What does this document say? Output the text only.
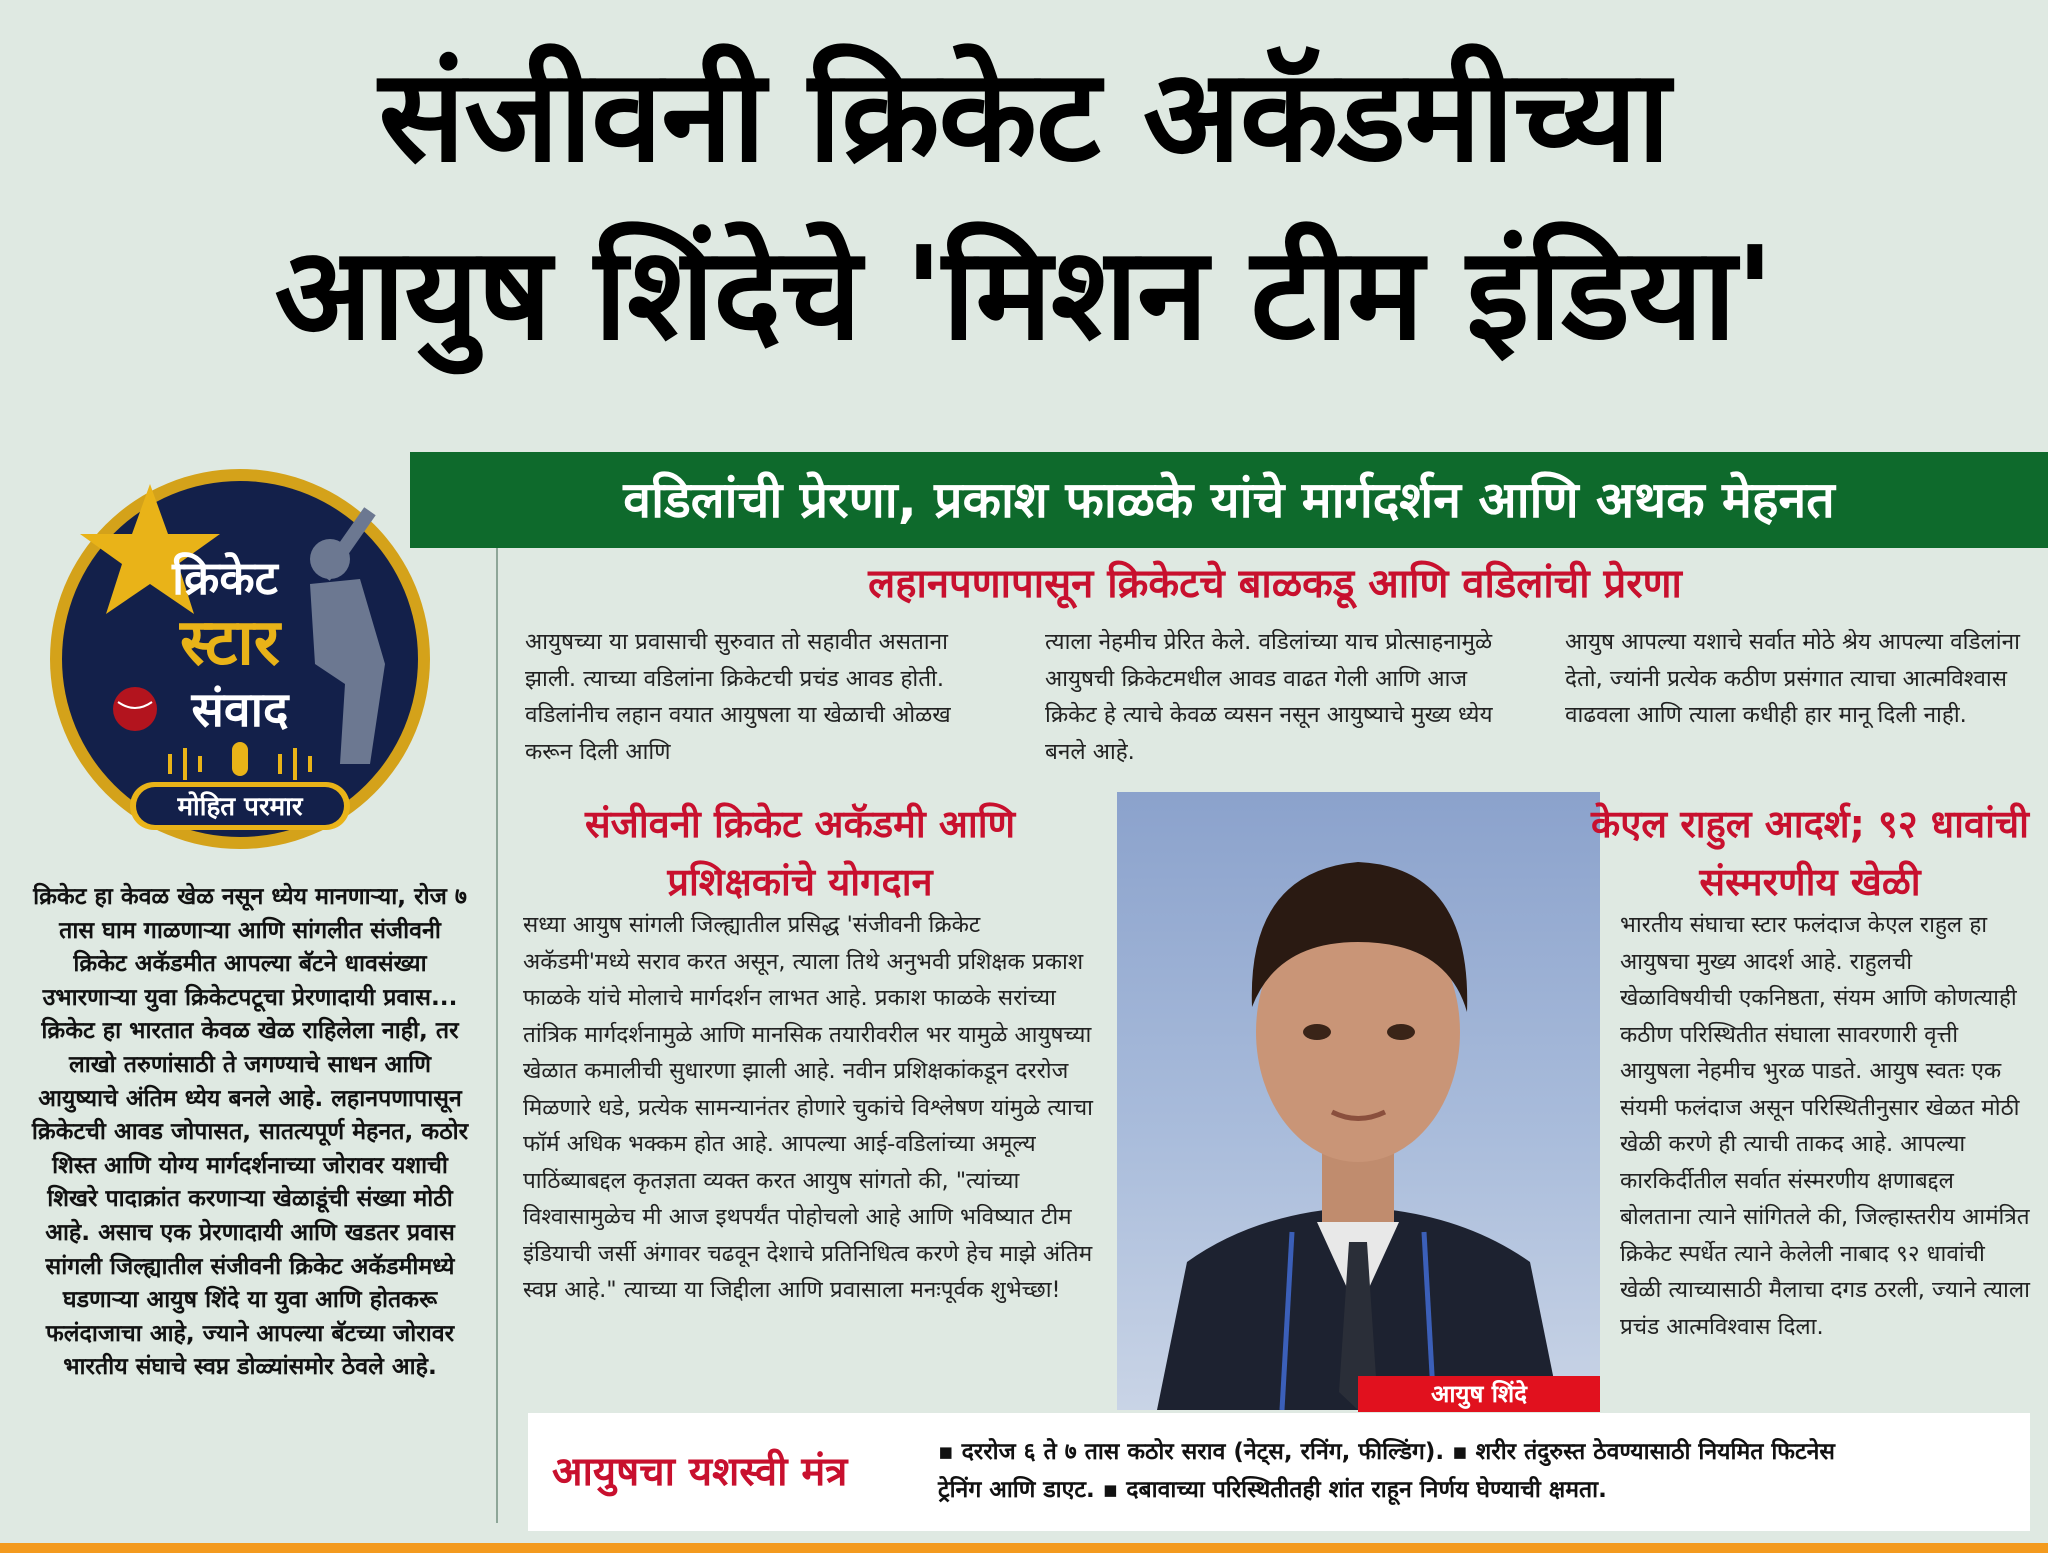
संजीवनी क्रिकेट अकॅडमीच्या
आयुष शिंदेचे 'मिशन टीम इंडिया'
वडिलांची प्रेरणा, प्रकाश फाळके यांचे मार्गदर्शन आणि अथक मेहनत
क्रिकेट
स्टार
संवाद
मोहित परमार
क्रिकेट हा केवळ खेळ नसून ध्येय मानणाऱ्या, रोज ७ तास घाम गाळणाऱ्या आणि सांगलीत संजीवनी क्रिकेट अकॅडमीत आपल्या बॅटने धावसंख्या उभारणाऱ्या युवा क्रिकेटपटूचा प्रेरणादायी प्रवास... क्रिकेट हा भारतात केवळ खेळ राहिलेला नाही, तर लाखो तरुणांसाठी ते जगण्याचे साधन आणि आयुष्याचे अंतिम ध्येय बनले आहे. लहानपणापासून क्रिकेटची आवड जोपासत, सातत्यपूर्ण मेहनत, कठोर शिस्त आणि योग्य मार्गदर्शनाच्या जोरावर यशाची शिखरे पादाक्रांत करणाऱ्या खेळाडूंची संख्या मोठी आहे. असाच एक प्रेरणादायी आणि खडतर प्रवास सांगली जिल्ह्यातील संजीवनी क्रिकेट अकॅडमीमध्ये घडणाऱ्या आयुष शिंदे या युवा आणि होतकरू फलंदाजाचा आहे, ज्याने आपल्या बॅटच्या जोरावर भारतीय संघाचे स्वप्न डोळ्यांसमोर ठेवले आहे.
लहानपणापासून क्रिकेटचे बाळकडू आणि वडिलांची प्रेरणा
आयुषच्या या प्रवासाची सुरुवात तो सहावीत असताना झाली. त्याच्या वडिलांना क्रिकेटची प्रचंड आवड होती. वडिलांनीच लहान वयात आयुषला या खेळाची ओळख करून दिली आणि
त्याला नेहमीच प्रेरित केले. वडिलांच्या याच प्रोत्साहनामुळे आयुषची क्रिकेटमधील आवड वाढत गेली आणि आज क्रिकेट हे त्याचे केवळ व्यसन नसून आयुष्याचे मुख्य ध्येय बनले आहे.
आयुष आपल्या यशाचे सर्वात मोठे श्रेय आपल्या वडिलांना देतो, ज्यांनी प्रत्येक कठीण प्रसंगात त्याचा आत्मविश्वास वाढवला आणि त्याला कधीही हार मानू दिली नाही.
संजीवनी क्रिकेट अकॅडमी आणि प्रशिक्षकांचे योगदान
सध्या आयुष सांगली जिल्ह्यातील प्रसिद्ध 'संजीवनी क्रिकेट अकॅडमी'मध्ये सराव करत असून, त्याला तिथे अनुभवी प्रशिक्षक प्रकाश फाळके यांचे मोलाचे मार्गदर्शन लाभत आहे. प्रकाश फाळके सरांच्या तांत्रिक मार्गदर्शनामुळे आणि मानसिक तयारीवरील भर यामुळे आयुषच्या खेळात कमालीची सुधारणा झाली आहे. नवीन प्रशिक्षकांकडून दररोज मिळणारे धडे, प्रत्येक सामन्यानंतर होणारे चुकांचे विश्लेषण यांमुळे त्याचा फॉर्म अधिक भक्कम होत आहे. आपल्या आई-वडिलांच्या अमूल्य पाठिंब्याबद्दल कृतज्ञता व्यक्त करत आयुष सांगतो की, "त्यांच्या विश्वासामुळेच मी आज इथपर्यंत पोहोचलो आहे आणि भविष्यात टीम इंडियाची जर्सी अंगावर चढवून देशाचे प्रतिनिधित्व करणे हेच माझे अंतिम स्वप्न आहे." त्याच्या या जिद्दीला आणि प्रवासाला मनःपूर्वक शुभेच्छा!
आयुष शिंदे
केएल राहुल आदर्श; ९२ धावांची संस्मरणीय खेळी
भारतीय संघाचा स्टार फलंदाज केएल राहुल हा आयुषचा मुख्य आदर्श आहे. राहुलची खेळाविषयीची एकनिष्ठता, संयम आणि कोणत्याही कठीण परिस्थितीत संघाला सावरणारी वृत्ती आयुषला नेहमीच भुरळ पाडते. आयुष स्वतः एक संयमी फलंदाज असून परिस्थितीनुसार खेळत मोठी खेळी करणे ही त्याची ताकद आहे. आपल्या कारकिर्दीतील सर्वात संस्मरणीय क्षणाबद्दल बोलताना त्याने सांगितले की, जिल्हास्तरीय आमंत्रित क्रिकेट स्पर्धेत त्याने केलेली नाबाद ९२ धावांची खेळी त्याच्यासाठी मैलाचा दगड ठरली, ज्याने त्याला प्रचंड आत्मविश्वास दिला.
आयुषचा यशस्वी मंत्र	▪ दररोज ६ ते ७ तास कठोर सराव (नेट्स, रनिंग, फील्डिंग). ▪ शरीर तंदुरुस्त ठेवण्यासाठी नियमित फिटनेस
ट्रेनिंग आणि डाएट. ▪ दबावाच्या परिस्थितीतही शांत राहून निर्णय घेण्याची क्षमता.
